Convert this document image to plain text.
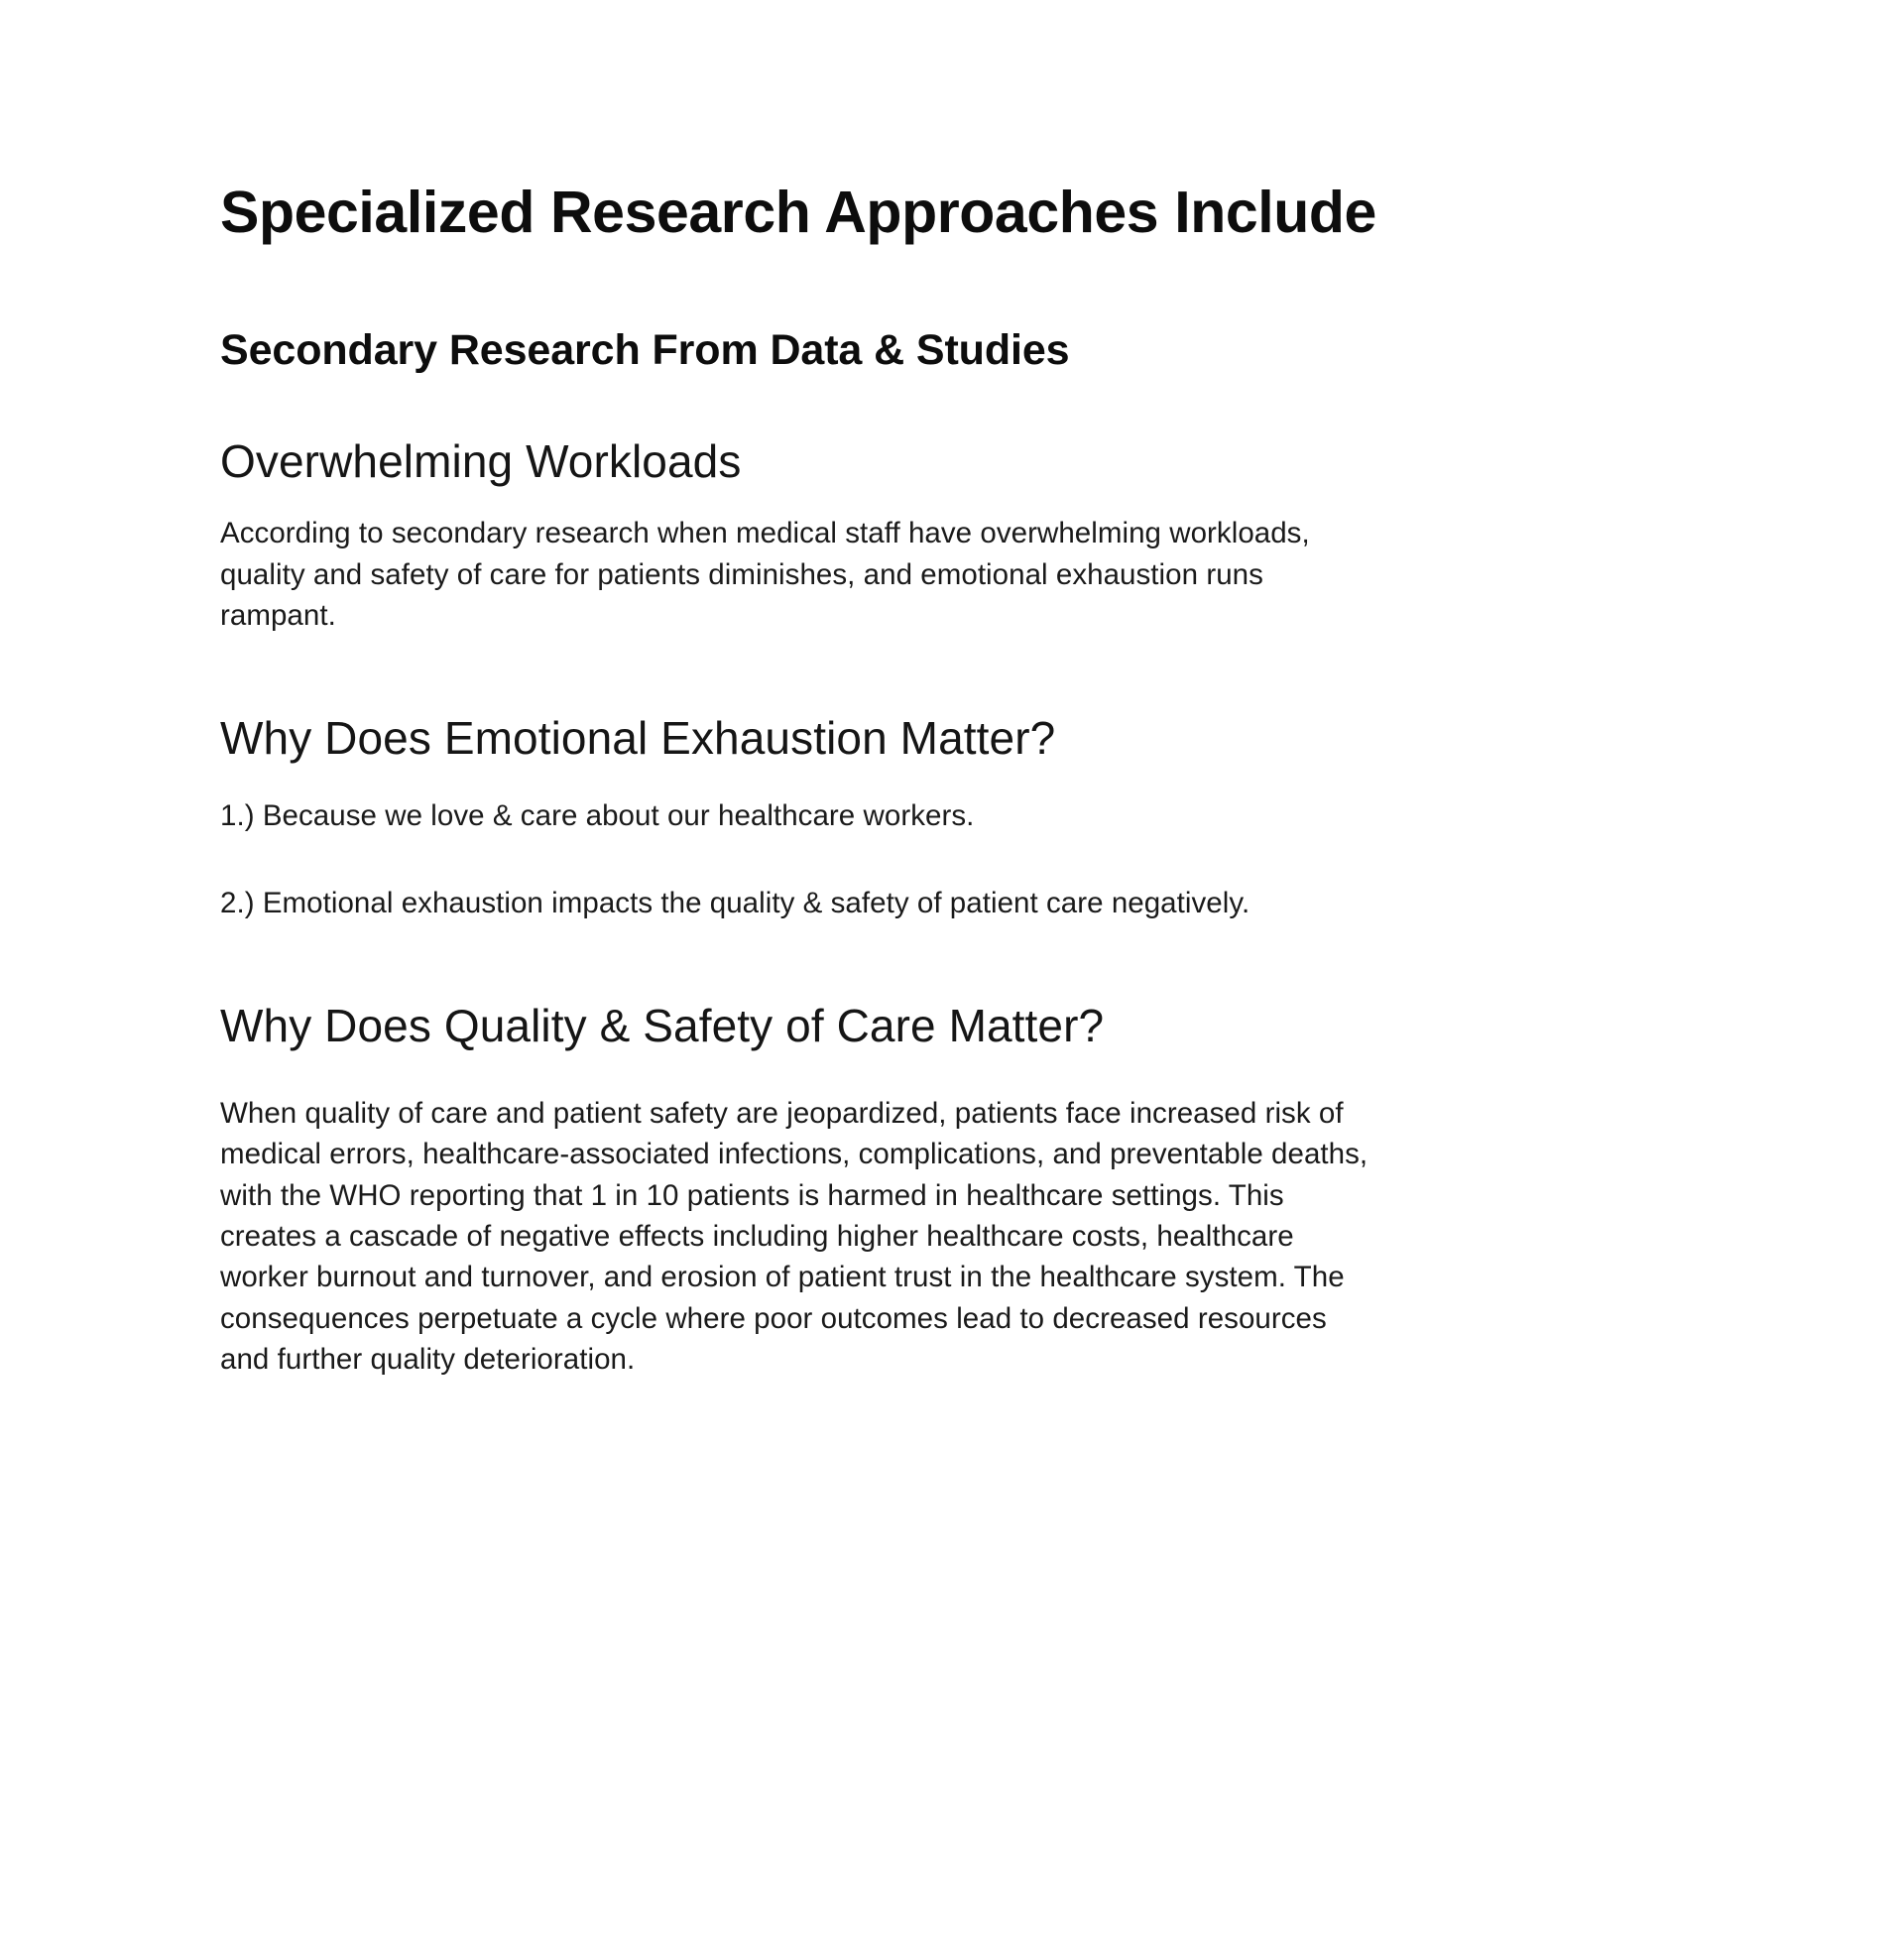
Specialized Research Approaches Include
Secondary Research From Data & Studies
Overwhelming Workloads

According to secondary research when medical staff have overwhelming workloads, quality and safety of care for patients diminishes, and emotional exhaustion runs rampant.

Why Does Emotional Exhaustion Matter?

1.) Because we love & care about our healthcare workers.

2.) Emotional exhaustion impacts the quality & safety of patient care negatively.

Why Does Quality & Safety of Care Matter?

When quality of care and patient safety are jeopardized, patients face increased risk of medical errors, healthcare-associated infections, complications, and preventable deaths, with the WHO reporting that 1 in 10 patients is harmed in healthcare settings. This creates a cascade of negative effects including higher healthcare costs, healthcare worker burnout and turnover, and erosion of patient trust in the healthcare system. The consequences perpetuate a cycle where poor outcomes lead to decreased resources and further quality deterioration.
